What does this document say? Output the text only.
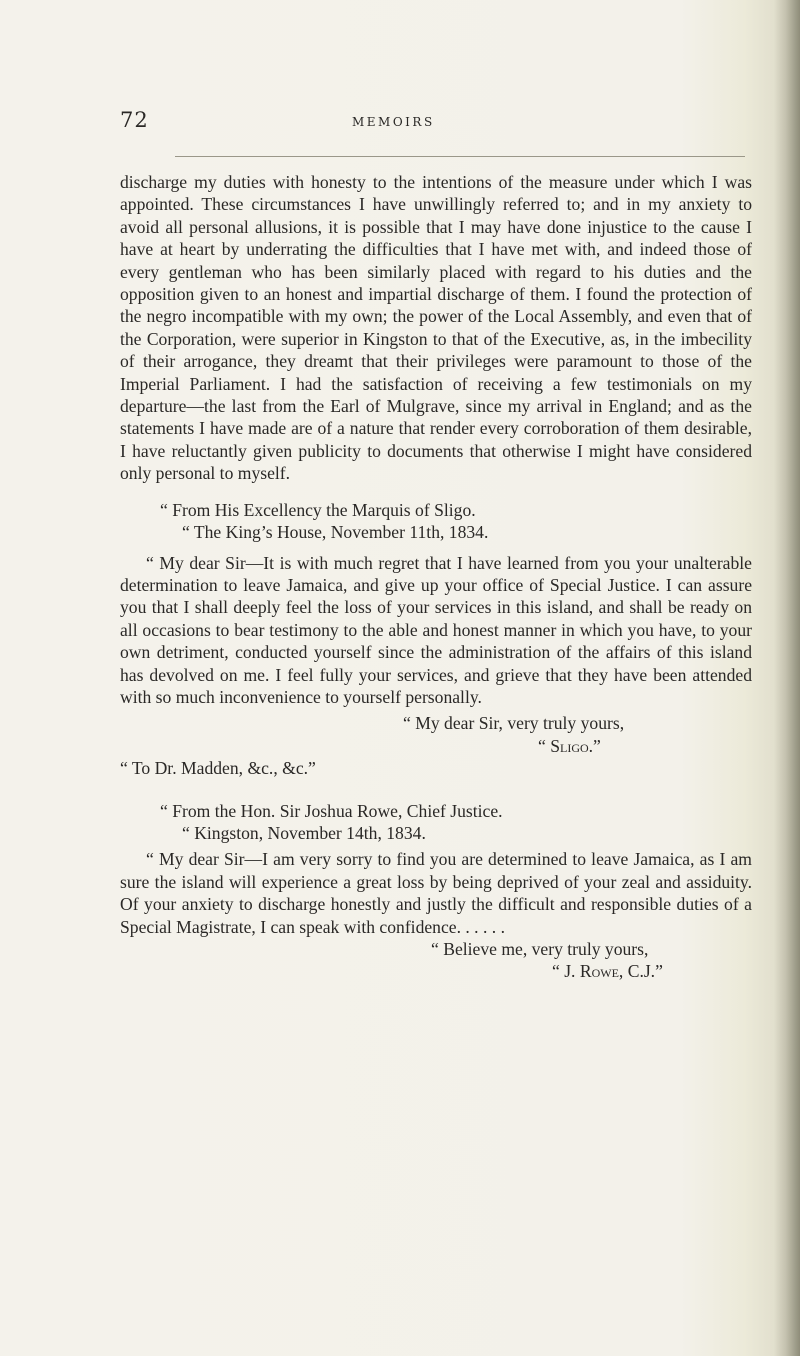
72	MEMOIRS

discharge my duties with honesty to the intentions of the measure under which I was appointed. These circumstances I have unwillingly referred to; and in my anxiety to avoid all personal allusions, it is possible that I may have done injustice to the cause I have at heart by underrating the difficulties that I have met with, and indeed those of every gentleman who has been similarly placed with regard to his duties and the opposition given to an honest and impartial discharge of them. I found the protection of the negro incompatible with my own; the power of the Local Assembly, and even that of the Corporation, were superior in Kingston to that of the Executive, as, in the imbecility of their arrogance, they dreamt that their privileges were paramount to those of the Imperial Parliament. I had the satisfaction of receiving a few testimonials on my departure—the last from the Earl of Mulgrave, since my arrival in England; and as the statements I have made are of a nature that render every corroboration of them desirable, I have reluctantly given publicity to documents that otherwise I might have considered only personal to myself.

“ From His Excellency the Marquis of Sligo.

“ The King’s House, November 11th, 1834.

“ My dear Sir—It is with much regret that I have learned from you your unalterable determination to leave Jamaica, and give up your office of Special Justice. I can assure you that I shall deeply feel the loss of your services in this island, and shall be ready on all occasions to bear testimony to the able and honest manner in which you have, to your own detriment, conducted yourself since the administration of the affairs of this island has devolved on me. I feel fully your services, and grieve that they have been attended with so much inconvenience to yourself personally.

“ My dear Sir, very truly yours,

“ Sligo.”

“ To Dr. Madden, &c., &c.”

“ From the Hon. Sir Joshua Rowe, Chief Justice.

“ Kingston, November 14th, 1834.

“ My dear Sir—I am very sorry to find you are determined to leave Jamaica, as I am sure the island will experience a great loss by being deprived of your zeal and assiduity. Of your anxiety to discharge honestly and justly the difficult and responsible duties of a Special Magistrate, I can speak with confidence. . . . . .

“ Believe me, very truly yours,

“ J. Rowe, C.J.”
